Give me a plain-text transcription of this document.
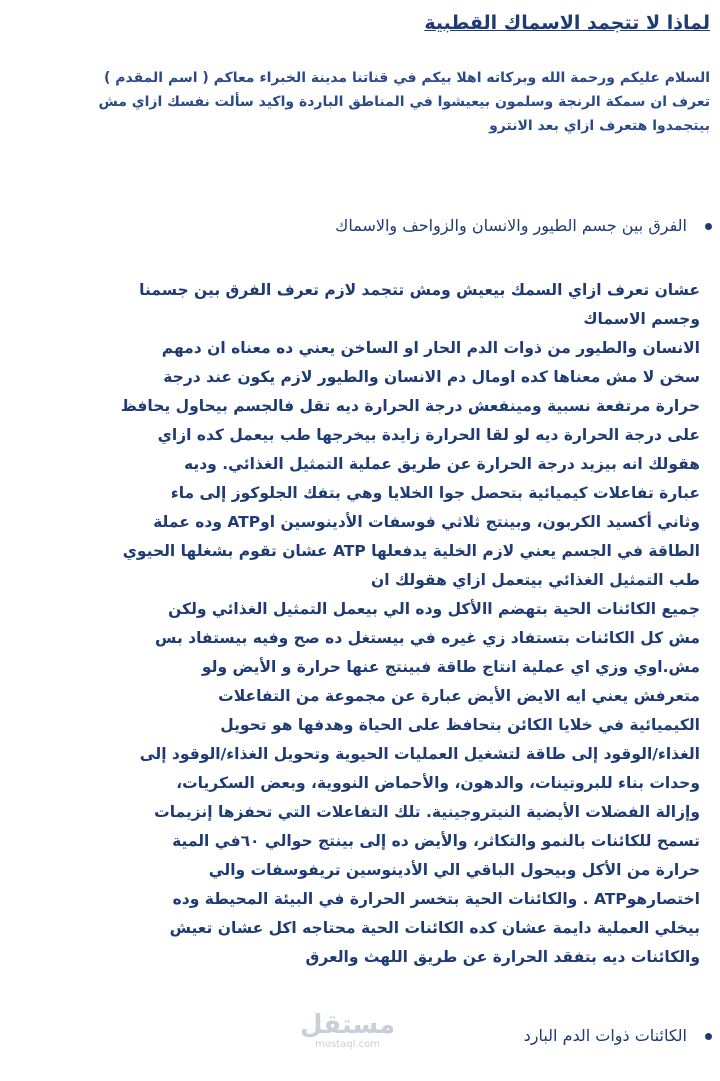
لماذا لا تتجمد الاسماك القطبية
السلام عليكم ورحمة الله وبركاته اهلا بيكم في قناتنا مدينة الخبراء معاكم ( اسم المقدم )
تعرف ان سمكة الرنجة وسلمون بيعيشوا في المناطق الباردة واكيد سألت نفسك ازاي مش
بيتجمدوا هتعرف ازاي بعد الانترو
الفرق بين جسم الطيور والانسان والزواحف والاسماك
عشان تعرف ازاي السمك بيعيش ومش تتجمد لازم تعرف الفرق بين جسمنا
وجسم الاسماك
الانسان والطيور من ذوات الدم الحار او الساخن يعني ده معناه ان دمهم
سخن لا مش معناها كده اومال دم الانسان والطيور لازم يكون عند درجة
حرارة مرتفعة نسبية ومينفعش درجة الحرارة ديه تقل فالجسم بيحاول يحافظ
على درجة الحرارة ديه لو لقا الحرارة زايدة بيخرجها طب بيعمل كده ازاي
هقولك انه بيزيد درجة الحرارة عن طريق عملية التمثيل الغذائي. وديه
عبارة تفاعلات كيميائية بتحصل جوا الخلايا وهي بتفك الجلوكوز إلى ماء
وثاني أكسيد الكربون، وبينتج ثلاثي فوسفات الأدينوسين اوATP وده عملة
الطاقة في الجسم يعني لازم الخلية يدفعلها ATP عشان تقوم بشغلها الحيوي
طب التمثيل الغذائي بيتعمل ازاي هقولك ان
جميع الكائنات الحية بتهضم االأكل وده الي بيعمل التمثيل الغذائي ولكن
مش كل الكائنات بتستفاد زي غيره في بيستغل ده صح وفيه بيستفاد بس
مش.اوي وزي اي عملية انتاج طاقة فبينتج عنها حرارة و الأيض ولو
متعرفش يعني ايه الايض الأيض عبارة عن مجموعة من التفاعلات
الكيميائية في خلايا الكائن بتحافظ على الحياة وهدفها هو تحويل
الغذاء/الوقود إلى طاقة لتشغيل العمليات الحيوية وتحويل الغذاء/الوقود إلى
وحدات بناء للبروتينات، والدهون، والأحماض النووية، وبعض السكريات،
وإزالة الفضلات الأيضية النيتروجينية. تلك التفاعلات التي تحفزها إنزيمات
تسمح للكائنات بالنمو والتكاثر، والأيض ده إلى بينتج حوالي ٦٠في المية
حرارة من الأكل وبيحول الباقي الي الأدينوسين تريفوسفات والي
اختصارهوATP . والكائنات الحية بتخسر الحرارة في البيئة المحيطة وده
بيخلي العملية دايمة عشان كده الكائنات الحية محتاجه اكل عشان تعيش
والكائنات ديه بتفقد الحرارة عن طريق اللهث والعرق
الكائنات ذوات الدم البارد
مستقل
mostaql.com
